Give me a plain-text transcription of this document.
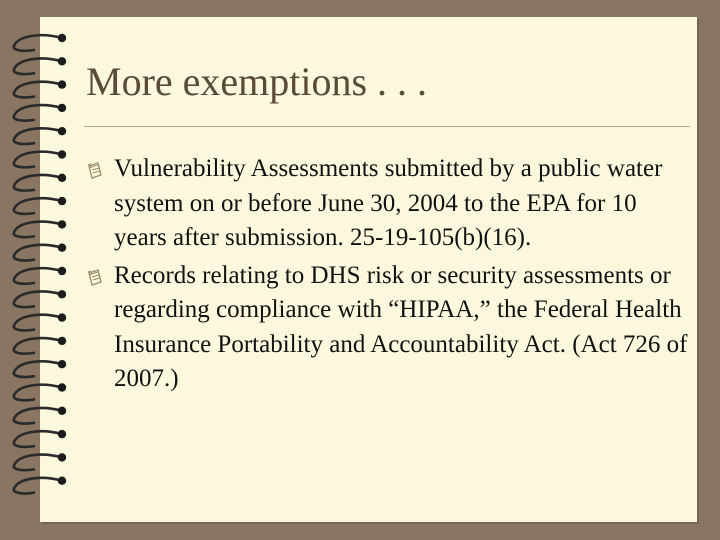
More exemptions . . .
Vulnerability Assessments submitted by a public water system on or before June 30, 2004 to the EPA for 10 years after submission. 25-19-105(b)(16).
Records relating to DHS risk or security assessments or regarding compliance with “HIPAA,” the Federal Health Insurance Portability and Accountability Act. (Act 726 of 2007.)
